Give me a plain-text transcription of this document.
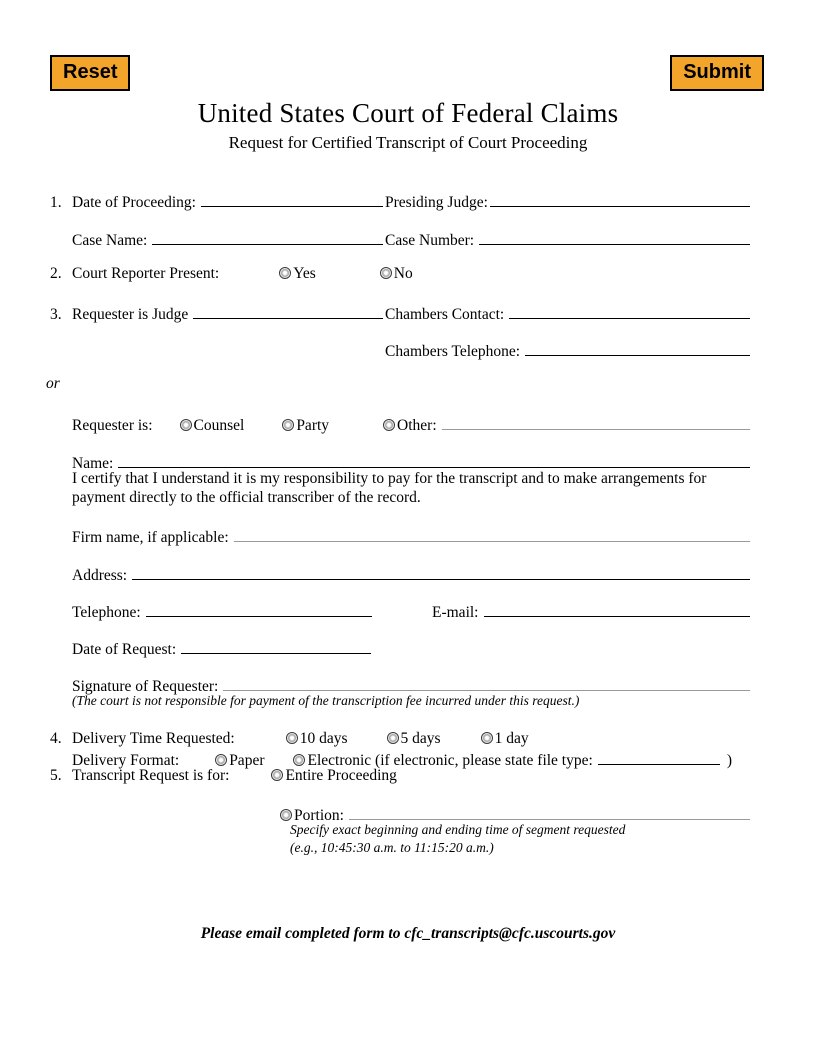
Reset	Submit
United States Court of Federal Claims
Request for Certified Transcript of Court Proceeding
1. Date of Proceeding:	Presiding Judge:
Case Name:	Case Number:
2. Court Reporter Present:	Yes	No
3. Requester is Judge	Chambers Contact:
Chambers Telephone:
or
Requester is:	Counsel	Party	Other:
Name:
I certify that I understand it is my responsibility to pay for the transcript and to make arrangements for payment directly to the official transcriber of the record.
Firm name, if applicable:
Address:
Telephone:	E-mail:
Date of Request:
Signature of Requester:
(The court is not responsible for payment of the transcription fee incurred under this request.)
4. Delivery Time Requested:	10 days	5 days	1 day
Delivery Format:	Paper	Electronic (if electronic, please state file type:	)
5. Transcript Request is for:	Entire Proceeding
Portion:
Specify exact beginning and ending time of segment requested
(e.g., 10:45:30 a.m. to 11:15:20 a.m.)
Please email completed form to cfc_transcripts@cfc.uscourts.gov
